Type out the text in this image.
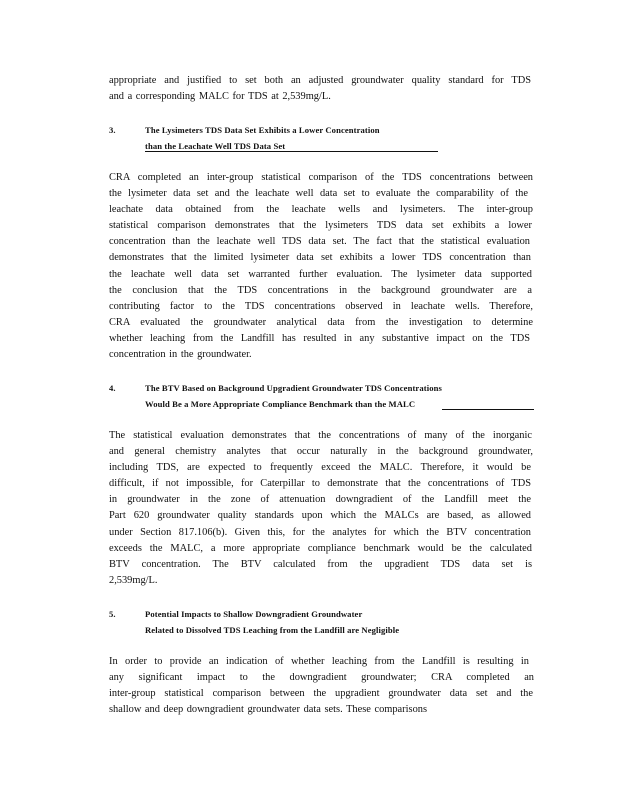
appropriate and justified to set both an adjusted groundwater quality standard for TDS
and a corresponding MALC for TDS at 2,539mg/L.
3.	The Lysimeters TDS Data Set Exhibits a Lower Concentration
than the Leachate Well TDS Data Set
CRA completed an inter-group statistical comparison of the TDS concentrations between
the lysimeter data set and the leachate well data set to evaluate the comparability of the
leachate data obtained from the leachate wells and lysimeters. The inter-group
statistical comparison demonstrates that the lysimeters TDS data set exhibits a lower
concentration than the leachate well TDS data set. The fact that the statistical evaluation
demonstrates that the limited lysimeter data set exhibits a lower TDS concentration than
the leachate well data set warranted further evaluation. The lysimeter data supported
the conclusion that the TDS concentrations in the background groundwater are a
contributing factor to the TDS concentrations observed in leachate wells. Therefore,
CRA evaluated the groundwater analytical data from the investigation to determine
whether leaching from the Landfill has resulted in any substantive impact on the TDS
concentration in the groundwater.
4.	The BTV Based on Background Upgradient Groundwater TDS Concentrations
Would Be a More Appropriate Compliance Benchmark than the MALC
The statistical evaluation demonstrates that the concentrations of many of the inorganic
and general chemistry analytes that occur naturally in the background groundwater,
including TDS, are expected to frequently exceed the MALC. Therefore, it would be
difficult, if not impossible, for Caterpillar to demonstrate that the concentrations of TDS
in groundwater in the zone of attenuation downgradient of the Landfill meet the
Part 620 groundwater quality standards upon which the MALCs are based, as allowed
under Section 817.106(b). Given this, for the analytes for which the BTV concentration
exceeds the MALC, a more appropriate compliance benchmark would be the calculated
BTV concentration. The BTV calculated from the upgradient TDS data set is
2,539mg/L.
5.	Potential Impacts to Shallow Downgradient Groundwater
Related to Dissolved TDS Leaching from the Landfill are Negligible
In order to provide an indication of whether leaching from the Landfill is resulting in
any significant impact to the downgradient groundwater; CRA completed an
inter-group statistical comparison between the upgradient groundwater data set and the
shallow and deep downgradient groundwater data sets. These comparisons
